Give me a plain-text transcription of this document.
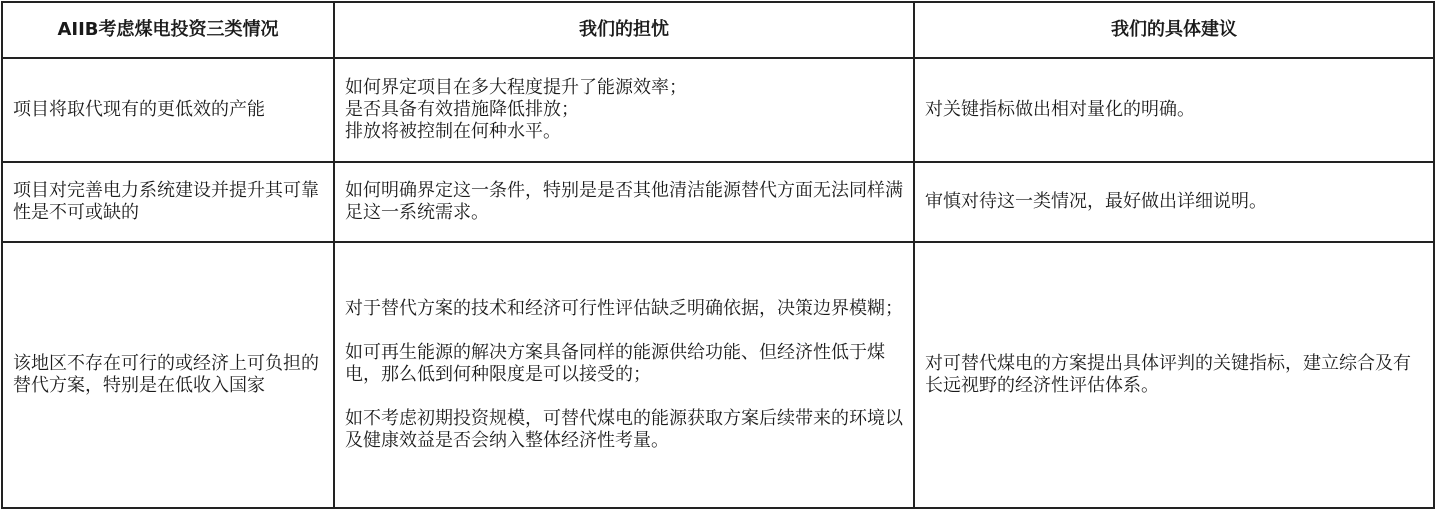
AIIB考虑煤电投资三类情况	我们的担忧	我们的具体建议
项目将取代现有的更低效的产能	如何界定项目在多大程度提升了能源效率；
是否具备有效措施降低排放；
排放将被控制在何种水平。	对关键指标做出相对量化的明确。
项目对完善电力系统建设并提升其可靠性是不可或缺的	如何明确界定这一条件，特别是是否其他清洁能源替代方面无法同样满足这一系统需求。	审慎对待这一类情况，最好做出详细说明。
该地区不存在可行的或经济上可负担的替代方案，特别是在低收入国家	对于替代方案的技术和经济可行性评估缺乏明确依据，决策边界模糊；
如可再生能源的解决方案具备同样的能源供给功能、但经济性低于煤电，那么低到何种限度是可以接受的；
如不考虑初期投资规模，可替代煤电的能源获取方案后续带来的环境以及健康效益是否会纳入整体经济性考量。	对可替代煤电的方案提出具体评判的关键指标，建立综合及有长远视野的经济性评估体系。
